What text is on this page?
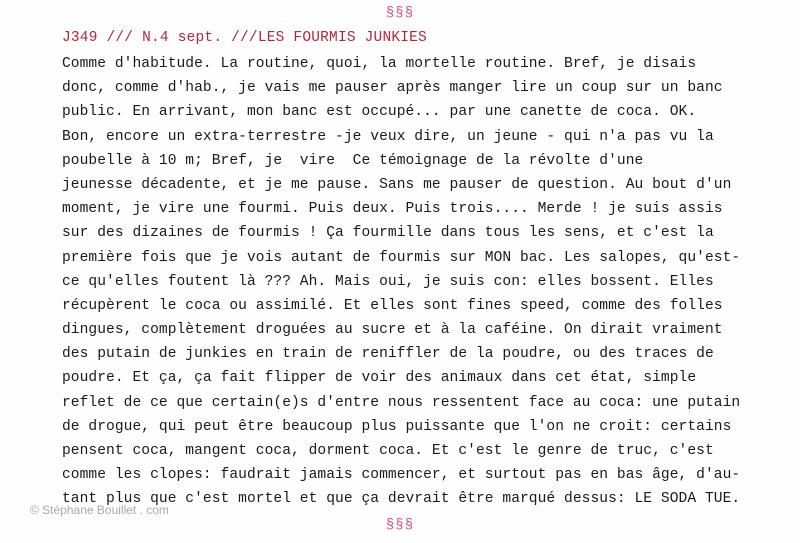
§§§
J349 /// N.4 sept. ///LES FOURMIS JUNKIES
Comme d'habitude. La routine, quoi, la mortelle routine. Bref, je disais
donc, comme d'hab., je vais me pauser après manger lire un coup sur un banc
public. En arrivant, mon banc est occupé... par une canette de coca. OK.
Bon, encore un extra-terrestre -je veux dire, un jeune - qui n'a pas vu la
poubelle à 10 m; Bref, je  vire  Ce témoignage de la révolte d'une
jeunesse décadente, et je me pause. Sans me pauser de question. Au bout d'un
moment, je vire une fourmi. Puis deux. Puis trois.... Merde ! je suis assis
sur des dizaines de fourmis ! Ça fourmille dans tous les sens, et c'est la
première fois que je vois autant de fourmis sur MON bac. Les salopes, qu'est-
ce qu'elles foutent là ??? Ah. Mais oui, je suis con: elles bossent. Elles
récupèrent le coca ou assimilé. Et elles sont fines speed, comme des folles
dingues, complètement droguées au sucre et à la caféine. On dirait vraiment
des putain de junkies en train de reniffler de la poudre, ou des traces de
poudre. Et ça, ça fait flipper de voir des animaux dans cet état, simple
reflet de ce que certain(e)s d'entre nous ressentent face au coca: une putain
de drogue, qui peut être beaucoup plus puissante que l'on ne croit: certains
pensent coca, mangent coca, dorment coca. Et c'est le genre de truc, c'est
comme les clopes: faudrait jamais commencer, et surtout pas en bas âge, d'au-
tant plus que c'est mortel et que ça devrait être marqué dessus: LE SODA TUE.
© Stéphane Bouillet . com
§§§
